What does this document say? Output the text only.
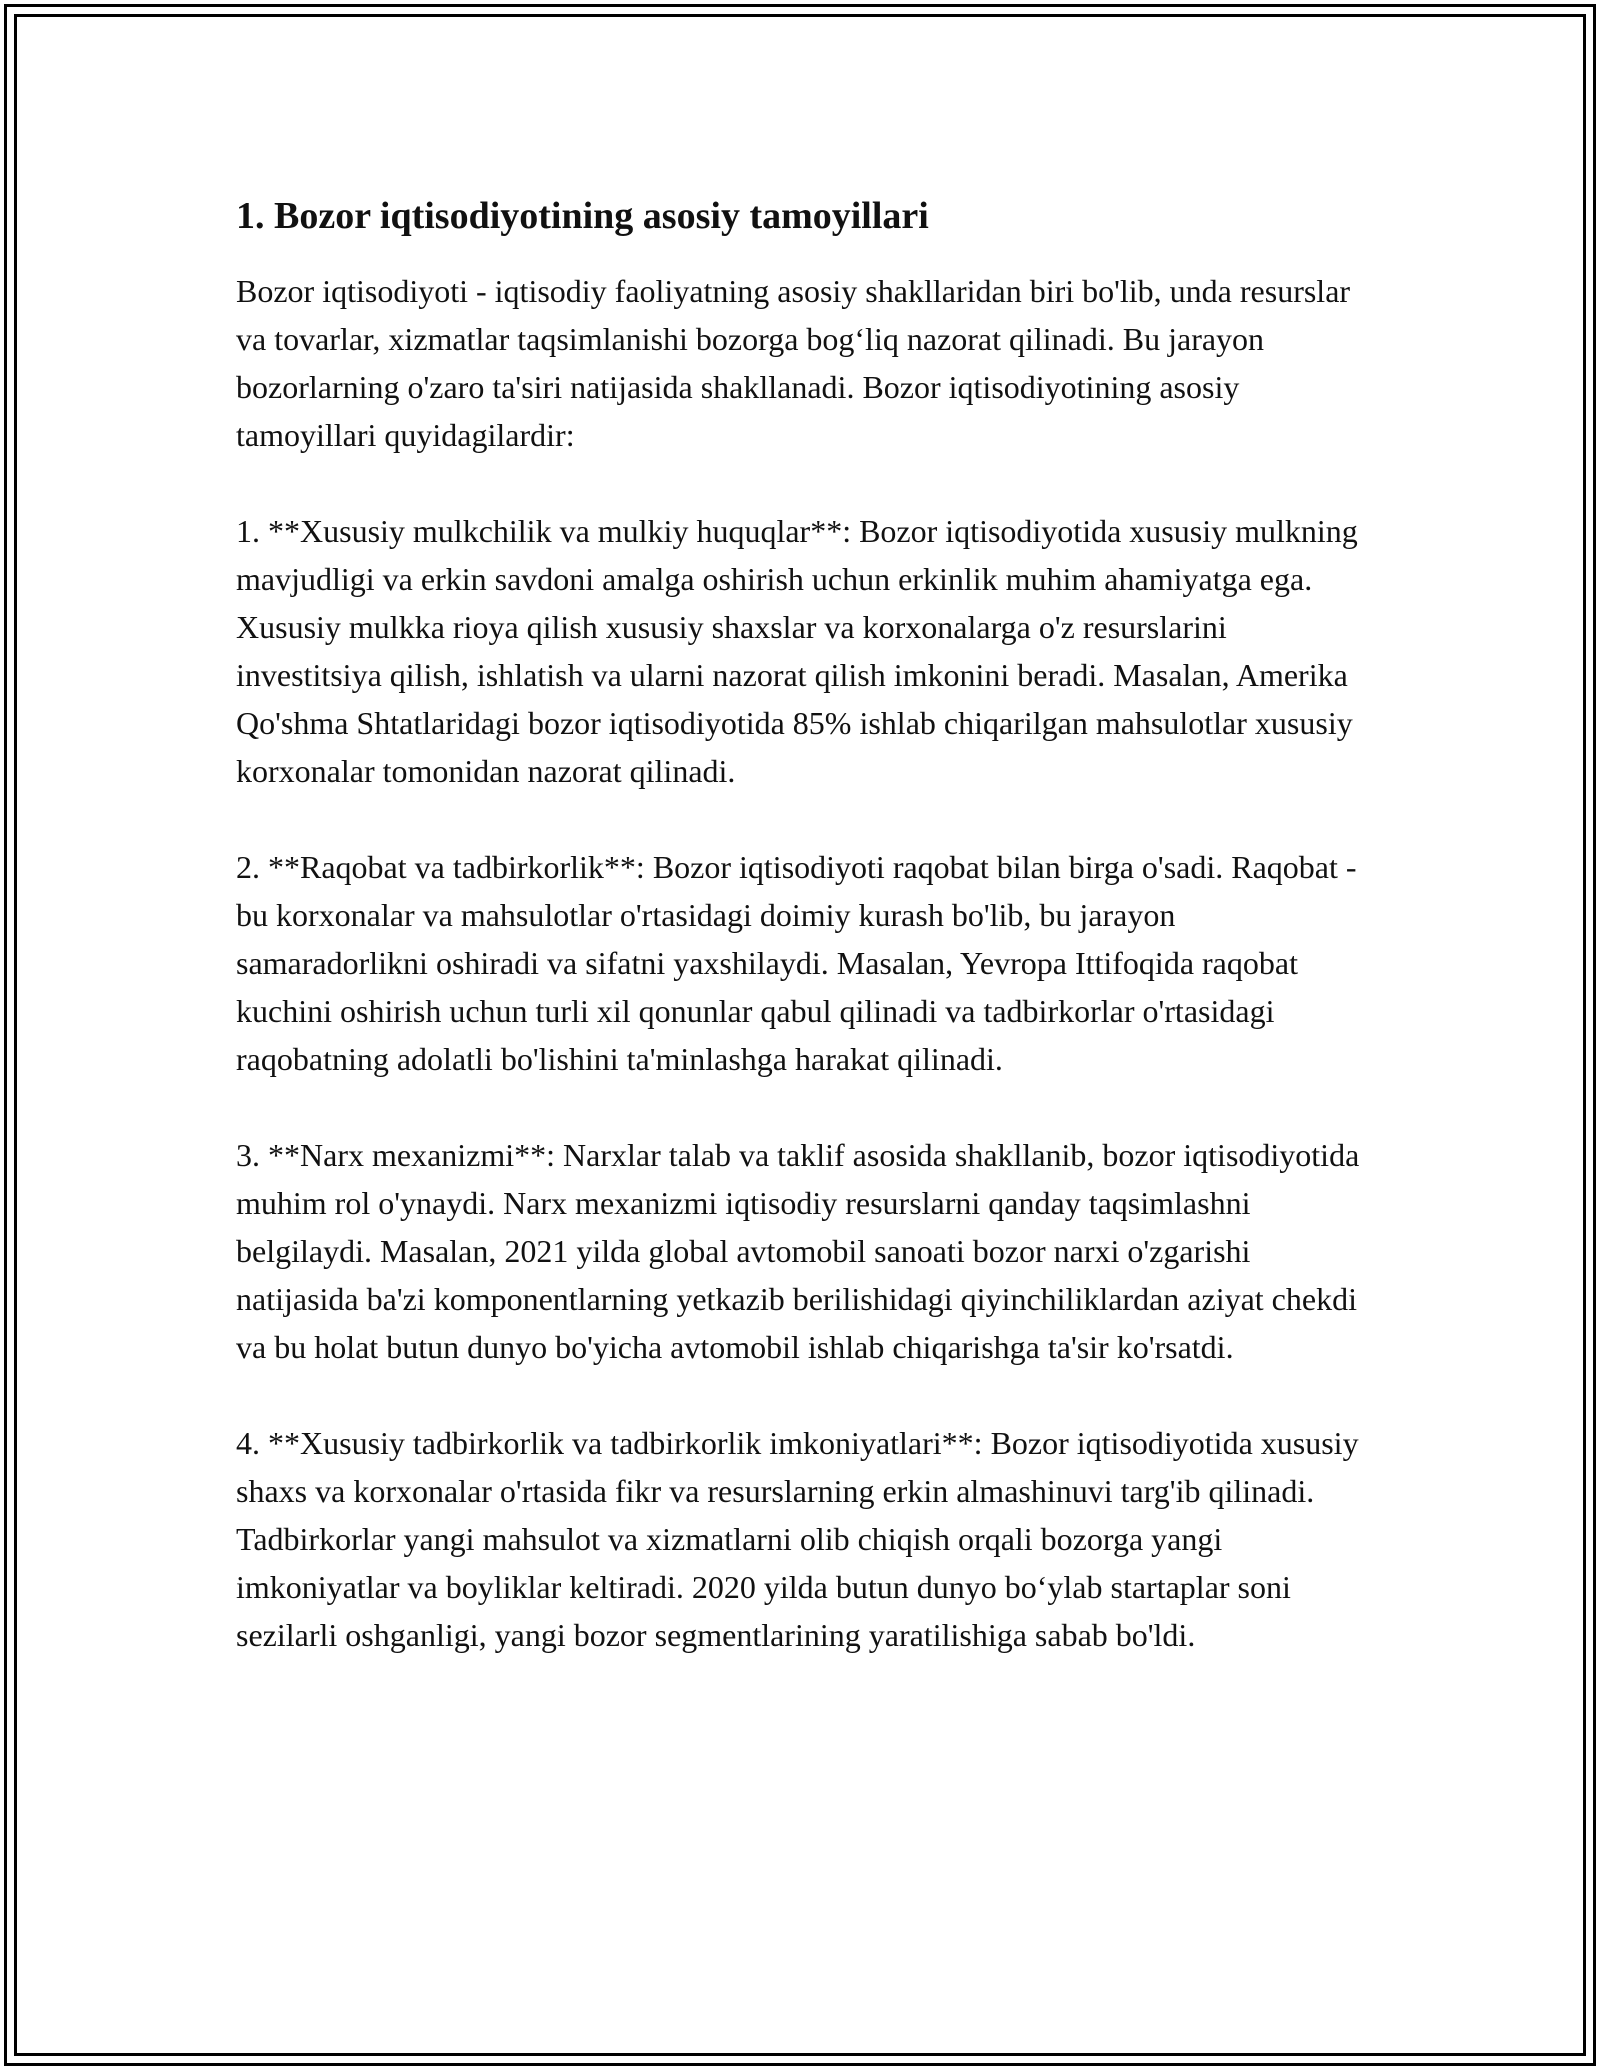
1. Bozor iqtisodiyotining asosiy tamoyillari

Bozor iqtisodiyoti - iqtisodiy faoliyatning asosiy shakllaridan biri bo'lib, unda resurslar va tovarlar, xizmatlar taqsimlanishi bozorga bog‘liq nazorat qilinadi. Bu jarayon bozorlarning o'zaro ta'siri natijasida shakllanadi. Bozor iqtisodiyotining asosiy tamoyillari quyidagilardir:

1. **Xususiy mulkchilik va mulkiy huquqlar**: Bozor iqtisodiyotida xususiy mulkning mavjudligi va erkin savdoni amalga oshirish uchun erkinlik muhim ahamiyatga ega. Xususiy mulkka rioya qilish xususiy shaxslar va korxonalarga o'z resurslarini investitsiya qilish, ishlatish va ularni nazorat qilish imkonini beradi. Masalan, Amerika Qo'shma Shtatlaridagi bozor iqtisodiyotida 85% ishlab chiqarilgan mahsulotlar xususiy korxonalar tomonidan nazorat qilinadi.

2. **Raqobat va tadbirkorlik**: Bozor iqtisodiyoti raqobat bilan birga o'sadi. Raqobat - bu korxonalar va mahsulotlar o'rtasidagi doimiy kurash bo'lib, bu jarayon samaradorlikni oshiradi va sifatni yaxshilaydi. Masalan, Yevropa Ittifoqida raqobat kuchini oshirish uchun turli xil qonunlar qabul qilinadi va tadbirkorlar o'rtasidagi raqobatning adolatli bo'lishini ta'minlashga harakat qilinadi.

3. **Narx mexanizmi**: Narxlar talab va taklif asosida shakllanib, bozor iqtisodiyotida muhim rol o'ynaydi. Narx mexanizmi iqtisodiy resurslarni qanday taqsimlashni belgilaydi. Masalan, 2021 yilda global avtomobil sanoati bozor narxi o'zgarishi natijasida ba'zi komponentlarning yetkazib berilishidagi qiyinchiliklardan aziyat chekdi va bu holat butun dunyo bo'yicha avtomobil ishlab chiqarishga ta'sir ko'rsatdi.

4. **Xususiy tadbirkorlik va tadbirkorlik imkoniyatlari**: Bozor iqtisodiyotida xususiy shaxs va korxonalar o'rtasida fikr va resurslarning erkin almashinuvi targ'ib qilinadi. Tadbirkorlar yangi mahsulot va xizmatlarni olib chiqish orqali bozorga yangi imkoniyatlar va boyliklar keltiradi. 2020 yilda butun dunyo bo‘ylab startaplar soni sezilarli oshganligi, yangi bozor segmentlarining yaratilishiga sabab bo'ldi.
